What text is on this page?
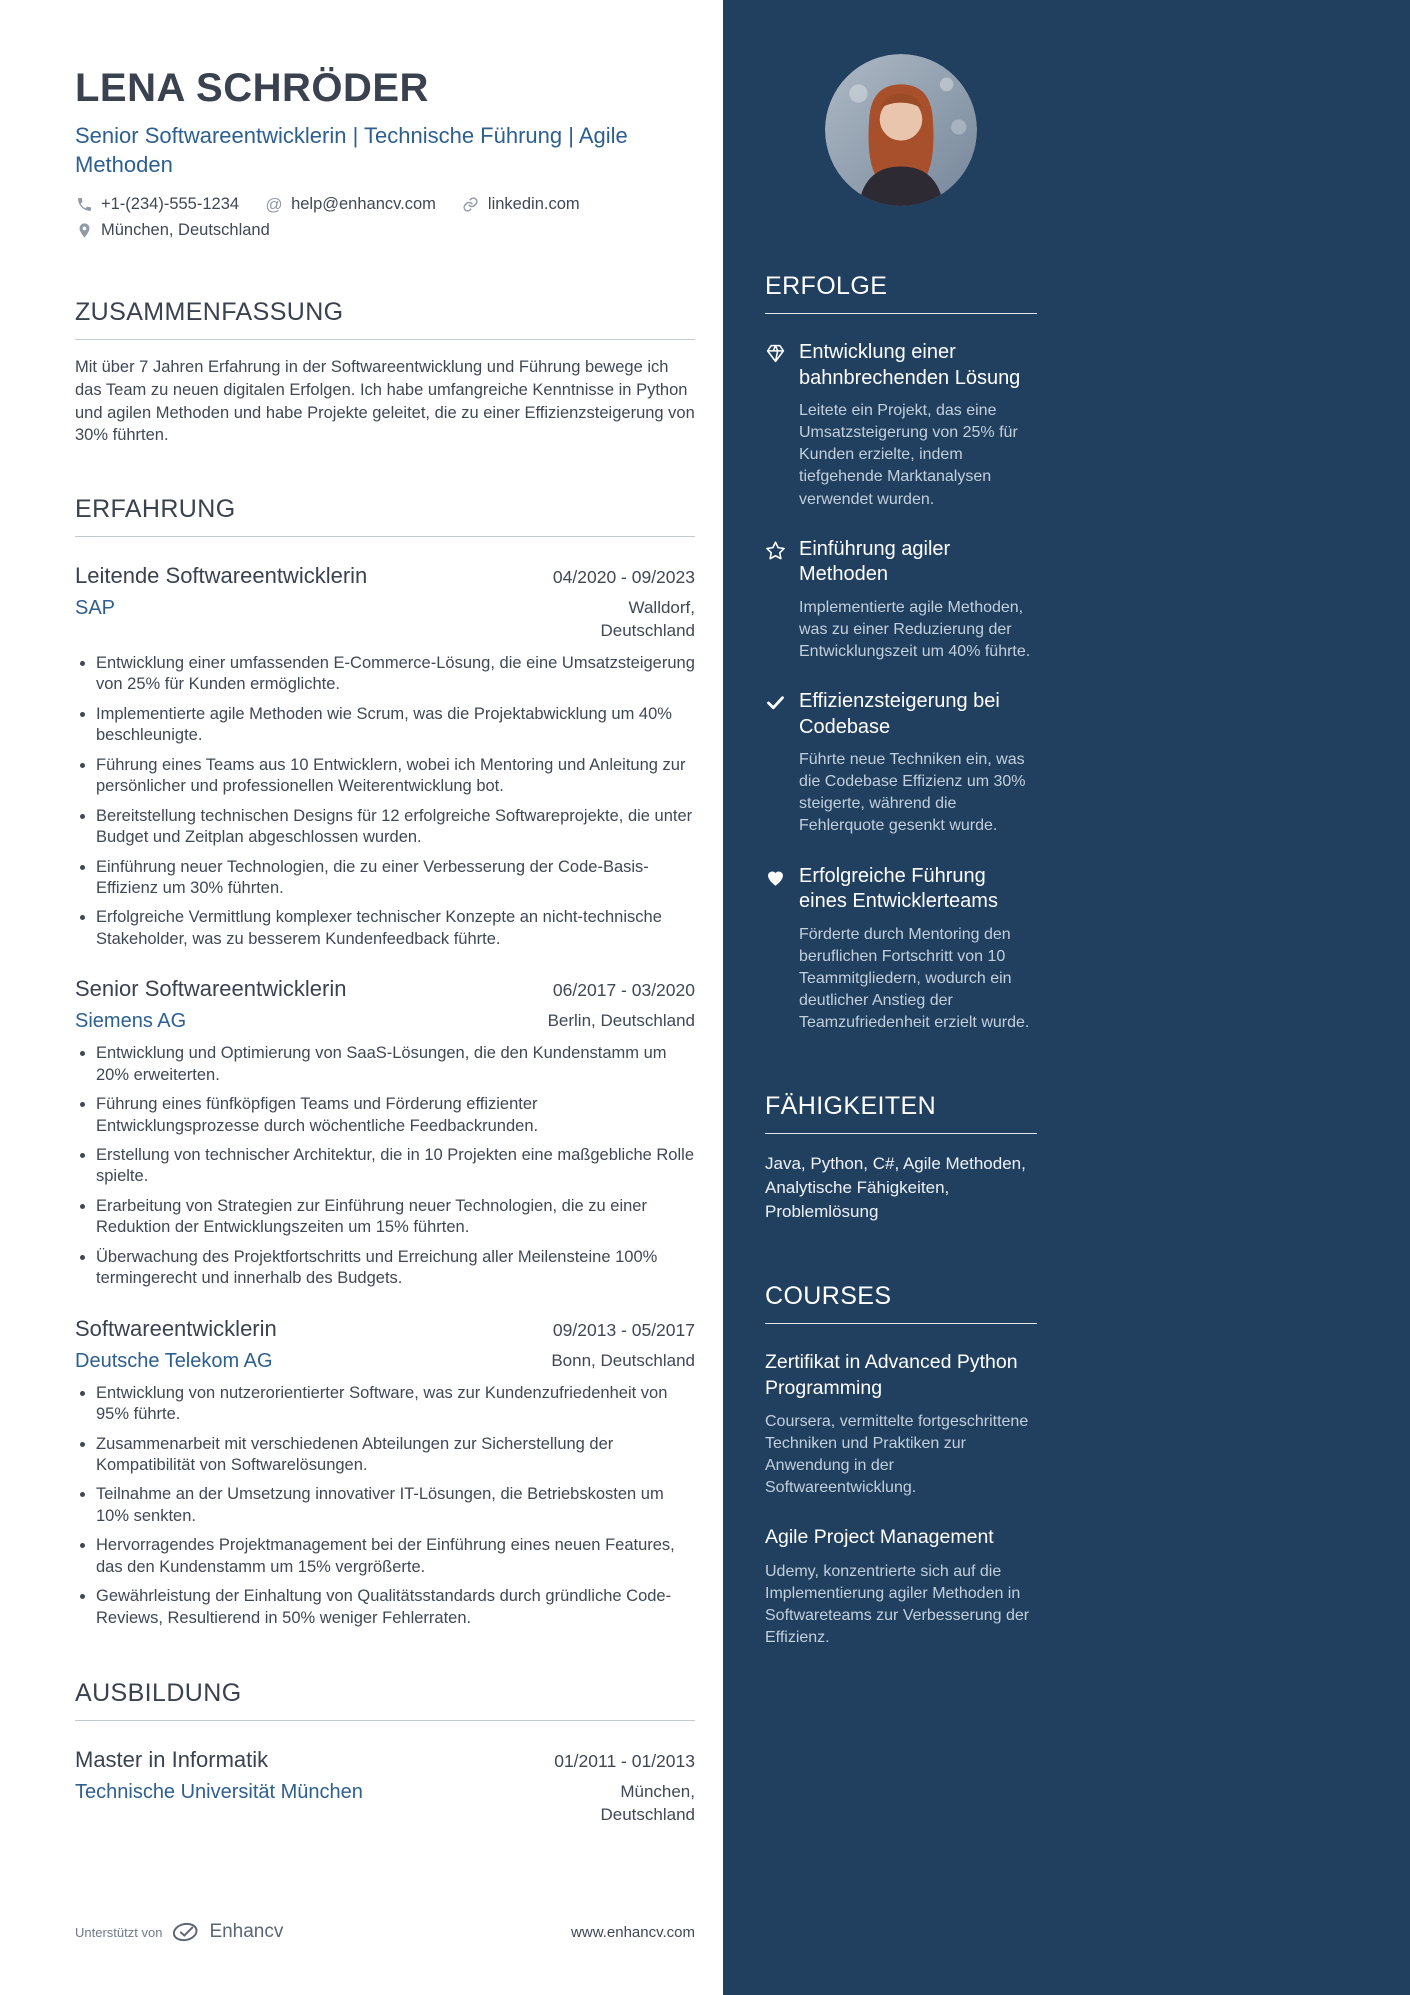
LENA SCHRÖDER
Senior Softwareentwicklerin | Technische Führung | Agile Methoden
+1-(234)-555-1234 @ help@enhancv.com	linkedin.com
München, Deutschland
ZUSAMMENFASSUNG

Mit über 7 Jahren Erfahrung in der Softwareentwicklung und Führung bewege ich das Team zu neuen digitalen Erfolgen. Ich habe umfangreiche Kenntnisse in Python und agilen Methoden und habe Projekte geleitet, die zu einer Effizienzsteigerung von 30% führten.

ERFAHRUNG
Leitende Softwareentwicklerin	04/2020 - 09/2023
SAP	Walldorf, Deutschland
• Entwicklung einer umfassenden E-Commerce-Lösung, die eine Umsatzsteigerung von 25% für Kunden ermöglichte.
• Implementierte agile Methoden wie Scrum, was die Projektabwicklung um 40% beschleunigte.
• Führung eines Teams aus 10 Entwicklern, wobei ich Mentoring und Anleitung zur persönlicher und professionellen Weiterentwicklung bot.
• Bereitstellung technischen Designs für 12 erfolgreiche Softwareprojekte, die unter Budget und Zeitplan abgeschlossen wurden.
• Einführung neuer Technologien, die zu einer Verbesserung der Code-Basis-Effizienz um 30% führten.
• Erfolgreiche Vermittlung komplexer technischer Konzepte an nicht-technische Stakeholder, was zu besserem Kundenfeedback führte.
Senior Softwareentwicklerin	06/2017 - 03/2020
Siemens AG	Berlin, Deutschland
• Entwicklung und Optimierung von SaaS-Lösungen, die den Kundenstamm um 20% erweiterten.
• Führung eines fünfköpfigen Teams und Förderung effizienter Entwicklungsprozesse durch wöchentliche Feedbackrunden.
• Erstellung von technischer Architektur, die in 10 Projekten eine maßgebliche Rolle spielte.
• Erarbeitung von Strategien zur Einführung neuer Technologien, die zu einer Reduktion der Entwicklungszeiten um 15% führten.
• Überwachung des Projektfortschritts und Erreichung aller Meilensteine 100% termingerecht und innerhalb des Budgets.
Softwareentwicklerin	09/2013 - 05/2017
Deutsche Telekom AG	Bonn, Deutschland
• Entwicklung von nutzerorientierter Software, was zur Kundenzufriedenheit von 95% führte.
• Zusammenarbeit mit verschiedenen Abteilungen zur Sicherstellung der Kompatibilität von Softwarelösungen.
• Teilnahme an der Umsetzung innovativer IT-Lösungen, die Betriebskosten um 10% senkten.
• Hervorragendes Projektmanagement bei der Einführung eines neuen Features, das den Kundenstamm um 15% vergrößerte.
• Gewährleistung der Einhaltung von Qualitätsstandards durch gründliche Code-Reviews, Resultierend in 50% weniger Fehlerraten.
AUSBILDUNG
Master in Informatik	01/2011 - 01/2013
Technische Universität München	München, Deutschland
Unterstützt von Enhancv	www.enhancv.com
ERFOLGE
Entwicklung einer bahnbrechenden Lösung
Leitete ein Projekt, das eine Umsatzsteigerung von 25% für Kunden erzielte, indem tiefgehende Marktanalysen verwendet wurden.
Einführung agiler Methoden
Implementierte agile Methoden, was zu einer Reduzierung der Entwicklungszeit um 40% führte.
Effizienzsteigerung bei Codebase
Führte neue Techniken ein, was die Codebase Effizienz um 30% steigerte, während die Fehlerquote gesenkt wurde.
Erfolgreiche Führung eines Entwicklerteams
Förderte durch Mentoring den beruflichen Fortschritt von 10 Teammitgliedern, wodurch ein deutlicher Anstieg der Teamzufriedenheit erzielt wurde.
FÄHIGKEITEN
Java, Python, C#, Agile Methoden, Analytische Fähigkeiten, Problemlösung
COURSES
Zertifikat in Advanced Python Programming
Coursera, vermittelte fortgeschrittene Techniken und Praktiken zur Anwendung in der Softwareentwicklung.
Agile Project Management
Udemy, konzentrierte sich auf die Implementierung agiler Methoden in Softwareteams zur Verbesserung der Effizienz.
